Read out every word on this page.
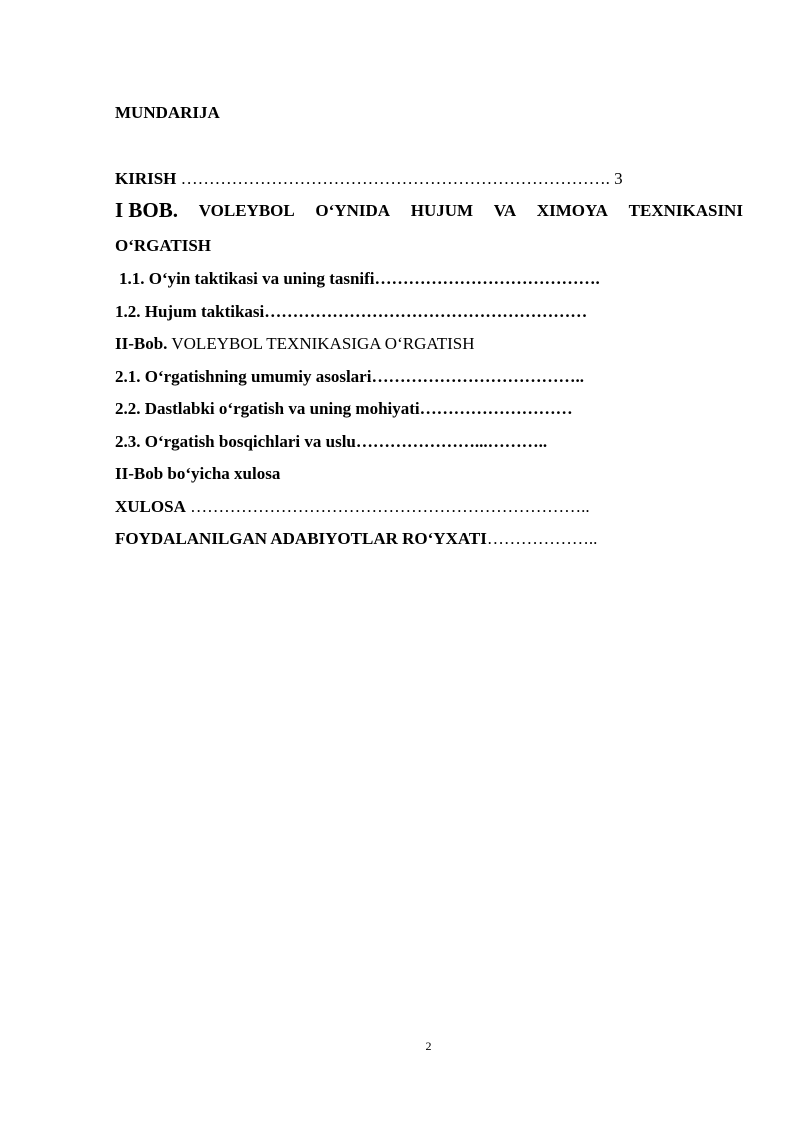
MUNDARIJA
KIRISH …………………………………………………………………. 3
I BOB. VOLEYBOL O‘YNIDA HUJUM VA XIMOYA TEXNIKASINI
O‘RGATISH
1.1. O‘yin taktikasi va uning tasnifi………………………………….
1.2. Hujum taktikasi…………………………………………………
II-Bob. VOLEYBOL TEXNIKASIGA O‘RGATISH
2.1. O‘rgatishning umumiy asoslari………………………………..
2.2. Dastlabki o‘rgatish va uning mohiyati………………………
2.3. O‘rgatish bosqichlari va uslu…………………...………..
II-Bob bo‘yicha xulosa
XULOSA ……………………………………………………………..
FOYDALANILGAN ADABIYOTLAR RO‘YXATI………………..
2
